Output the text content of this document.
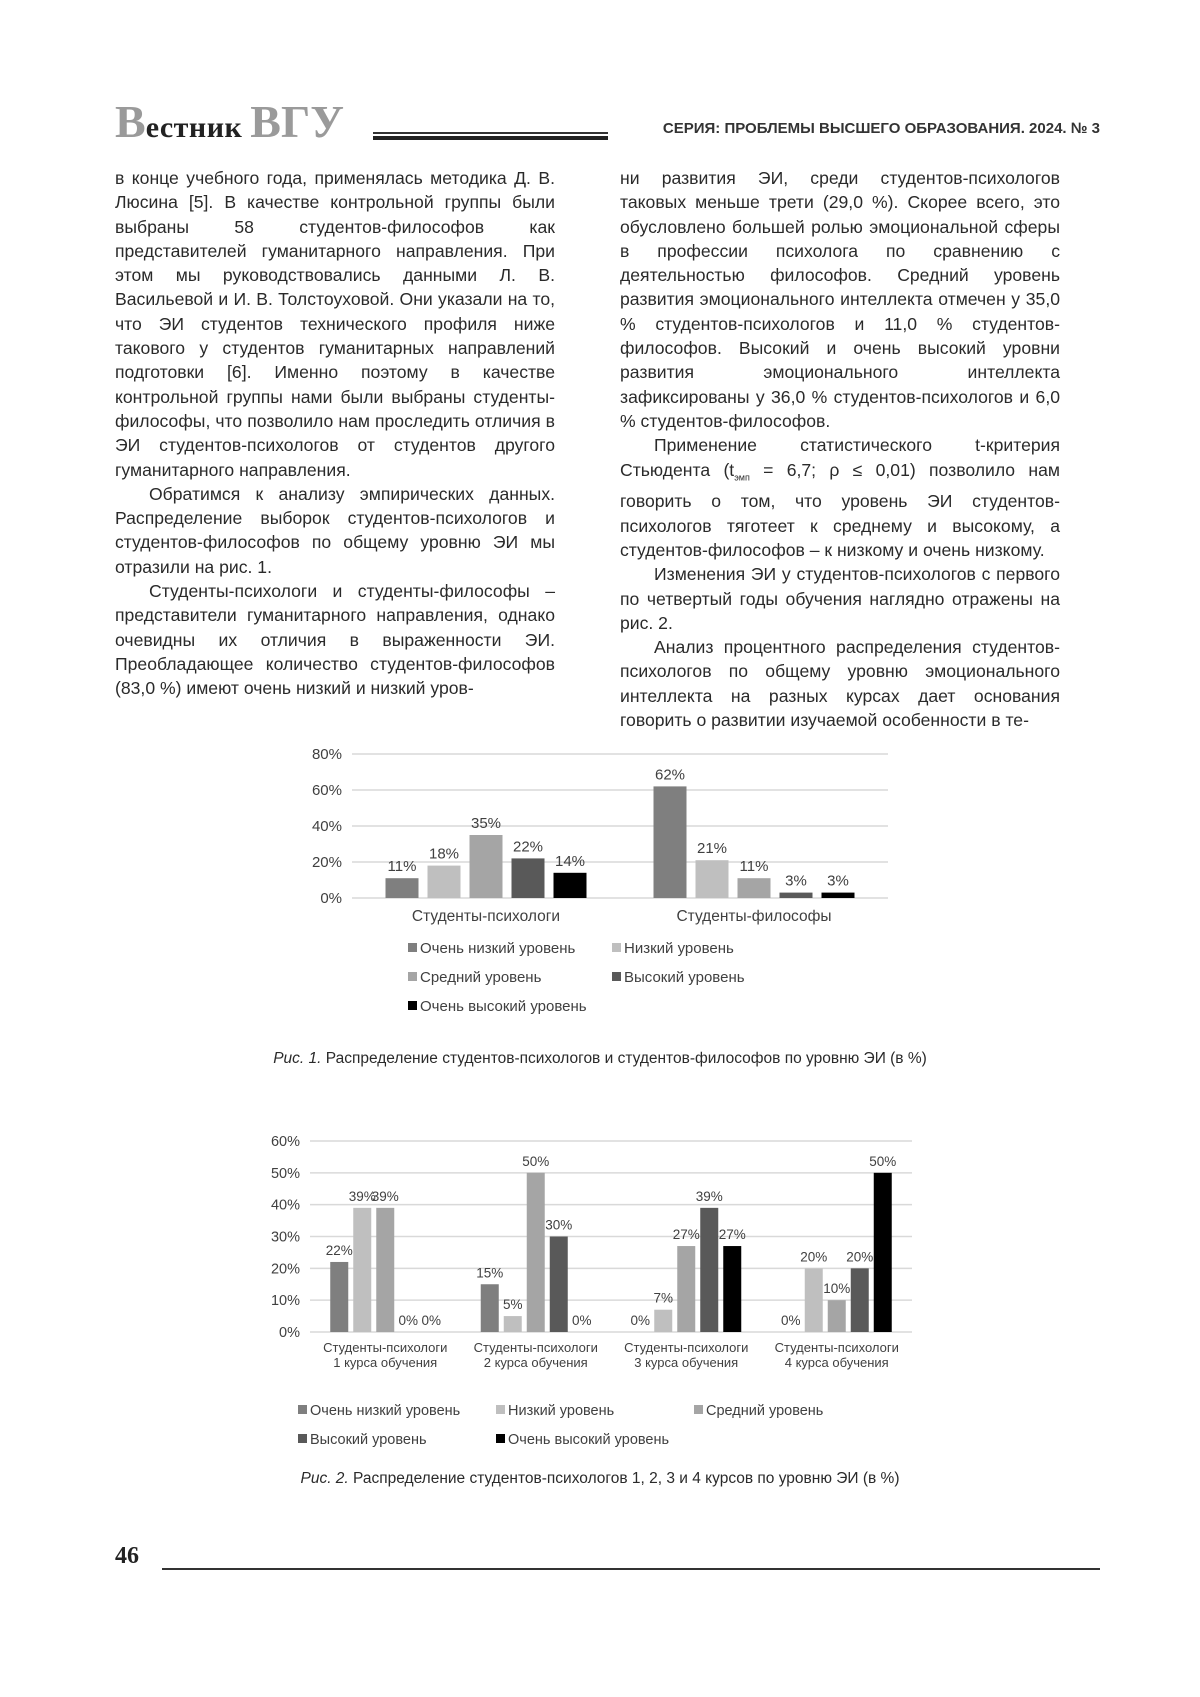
Вестник ВГУ	СЕРИЯ: ПРОБЛЕМЫ ВЫСШЕГО ОБРАЗОВАНИЯ. 2024. № 3

в конце учебного года, применялась методика Д. В. Люсина [5]. В качестве контрольной группы были выбраны 58 студентов-философов как представителей гуманитарного направления. При этом мы руководствовались данными Л. В. Васильевой и И. В. Толстоуховой. Они указали на то, что ЭИ студентов технического профиля ниже такового у студентов гуманитарных направлений подготовки [6]. Именно поэтому в качестве контрольной группы нами были выбраны студенты-философы, что позволило нам проследить отличия в ЭИ студентов-психологов от студентов другого гуманитарного направления.

Обратимся к анализу эмпирических данных. Распределение выборок студентов-психологов и студентов-философов по общему уровню ЭИ мы отразили на рис. 1.

Студенты-психологи и студенты-философы – представители гуманитарного направления, однако очевидны их отличия в выраженности ЭИ. Преобладающее количество студентов-философов (83,0 %) имеют очень низкий и низкий уров-

ни развития ЭИ, среди студентов-психологов таковых меньше трети (29,0 %). Скорее всего, это обусловлено большей ролью эмоциональной сферы в профессии психолога по сравнению с деятельностью философов. Средний уровень развития эмоционального интеллекта отмечен у 35,0 % студентов-психологов и 11,0 % студентов-философов. Высокий и очень высокий уровни развития эмоционального интеллекта зафиксированы у 36,0 % студентов-психологов и 6,0 % студентов-философов.

Применение статистического t-критерия Стьюдента ($t_{эмп} = 6,7$; ρ ≤ 0,01) позволило нам говорить о том, что уровень ЭИ студентов-психологов тяготеет к среднему и высокому, а студентов-философов – к низкому и очень низкому.

Изменения ЭИ у студентов-психологов с первого по четвертый годы обучения наглядно отражены на рис. 2.

Анализ процентного распределения студентов-психологов по общему уровню эмоционального интеллекта на разных курсах дает основания говорить о развитии изучаемой особенности в те-

0%
20%
40%
60%
80%
11%
18%
35%
22%
14%
Студенты-психологи
62%
21%
11%
3% 3%
Студенты-философы
Очень низкий уровень	Низкий уровень
Средний уровень	Высокий уровень
Очень высокий уровень
Рис. 1. Распределение студентов-психологов и студентов-философов по уровню ЭИ (в %)
0%
10%
20%
30%
40%
50%
60%
22%
39%
39%
0% 0%
Студенты-психологи
1 курса обучения
15%
5%
50%
30%
0%
Студенты-психологи
2 курса обучения
0%
7%
27%
39%
27%
Студенты-психологи
3 курса обучения
0%
20%
10%
20%
50%
Студенты-психологи
4 курса обучения
Очень низкий уровень	Низкий уровень	Средний уровень
Высокий уровень	Очень высокий уровень
Рис. 2. Распределение студентов-психологов 1, 2, 3 и 4 курсов по уровню ЭИ (в %)
46
